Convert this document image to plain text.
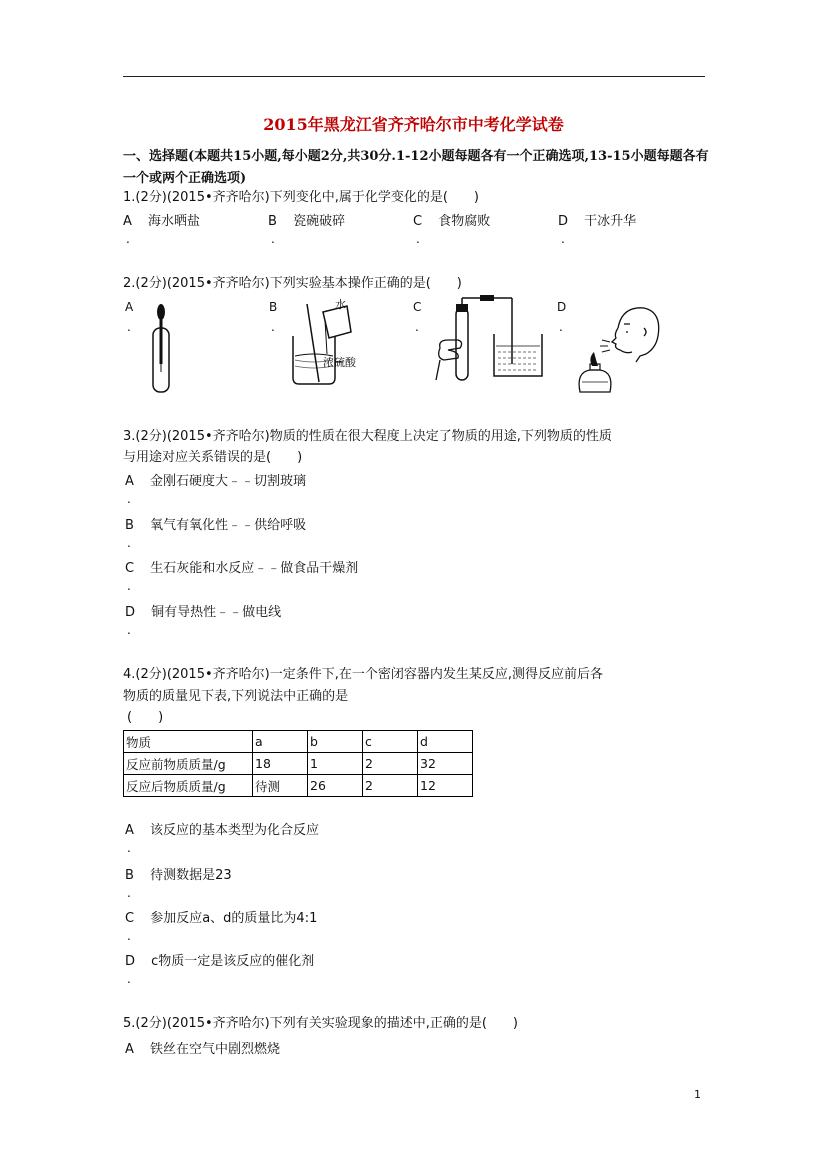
2015年黑龙江省齐齐哈尔市中考化学试卷
一、选择题(本题共15小题,每小题2分,共30分.1-12小题每题各有一个正确选项,13-15小题每题各有一个或两个正确选项)
1.(2分)(2015•齐齐哈尔)下列变化中,属于化学变化的是(　　)
A 海水晒盐
.
B 瓷碗破碎
.
C 食物腐败
.
D 干冰升华
.
2.(2分)(2015•齐齐哈尔)下列实验基本操作正确的是(　　)
A
.
B
.
C
.
D
.
水
浓硫酸
3.(2分)(2015•齐齐哈尔)物质的性质在很大程度上决定了物质的用途,下列物质的性质
与用途对应关系错误的是(　　)
A 金刚石硬度大﹣﹣切割玻璃
.
B 氧气有氧化性﹣﹣供给呼吸
.
C 生石灰能和水反应﹣﹣做食品干燥剂
.
D 铜有导热性﹣﹣做电线
.
4.(2分)(2015•齐齐哈尔)一定条件下,在一个密闭容器内发生某反应,测得反应前后各
物质的质量见下表,下列说法中正确的是
(　　)
物质	a	b	c	d
反应前物质质量/g	18	1	2	32
反应后物质质量/g	待测	26	2	12
A 该反应的基本类型为化合反应
.
B 待测数据是23
.
C 参加反应a、d的质量比为4:1
.
D c物质一定是该反应的催化剂
.
5.(2分)(2015•齐齐哈尔)下列有关实验现象的描述中,正确的是(　　)
A 铁丝在空气中剧烈燃烧
1
